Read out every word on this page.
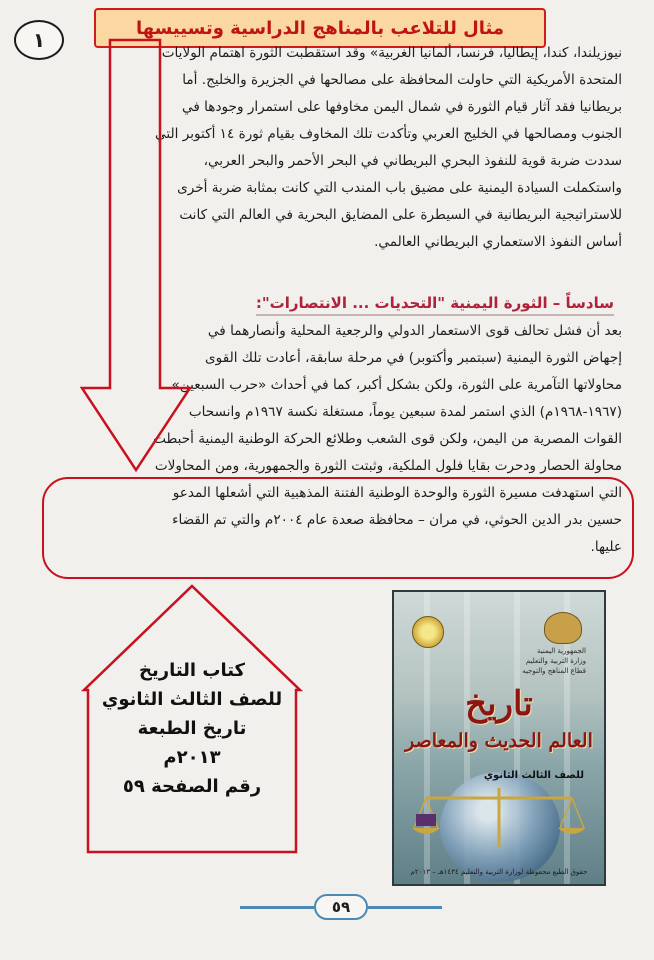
مثال للتلاعب بالمناهج الدراسية وتسييسها
١

نيوزيلندا، كندا، إيطاليا، فرنسا، ألمانيا الغربية» وقد استقطبت الثورة اهتمام الولايات

المتحدة الأمريكية التي حاولت المحافظة على مصالحها في الجزيرة والخليج. أما

بريطانيا فقد آثار قيام الثورة في شمال اليمن مخاوفها على استمرار وجودها في

الجنوب ومصالحها في الخليج العربي وتأكدت تلك المخاوف بقيام ثورة ١٤ أكتوبر التي

سددت ضربة قوية للنفوذ البحري البريطاني في البحر الأحمر والبحر العربي،

واستكملت السيادة اليمنية على مضيق باب المندب التي كانت بمثابة ضربة أخرى

للاستراتيجية البريطانية في السيطرة على المضايق البحرية في العالم التي كانت

أساس النفوذ الاستعماري البريطاني العالمي.

سادساً – الثورة اليمنية "التحديات ... الانتصارات":

بعد أن فشل تحالف قوى الاستعمار الدولي والرجعية المحلية وأنصارهما في

إجهاض الثورة اليمنية (سبتمبر وأكتوبر) في مرحلة سابقة، أعادت تلك القوى

محاولاتها التآمرية على الثورة، ولكن بشكل أكبر، كما في أحداث «حرب السبعين»

(١٩٦٧-١٩٦٨م) الذي استمر لمدة سبعين يوماً، مستغلة نكسة ١٩٦٧م وانسحاب

القوات المصرية من اليمن، ولكن قوى الشعب وطلائع الحركة الوطنية اليمنية أحبطت

محاولة الحصار ودحرت بقايا فلول الملكية، وثبتت الثورة والجمهورية، ومن المحاولات

التي استهدفت مسيرة الثورة والوحدة الوطنية الفتنة المذهبية التي أشعلها المدعو

حسين بدر الدين الحوثي، في مران – محافظة صعدة عام ٢٠٠٤م والتي تم القضاء

عليها.

كتاب التاريخ
للصف الثالث الثانوي
تاريخ الطبعة
٢٠١٣م
رقم الصفحة ٥٩
الجمهورية اليمنية
وزارة التربية والتعليم
قطاع المناهج والتوجيه
تاريخ
العالم الحديث والمعاصر
للصف الثالث الثانوي
حقوق الطبع محفوظة لوزارة التربية والتعليم ١٤٣٤هـ – ٢٠١٣م
٥٩
